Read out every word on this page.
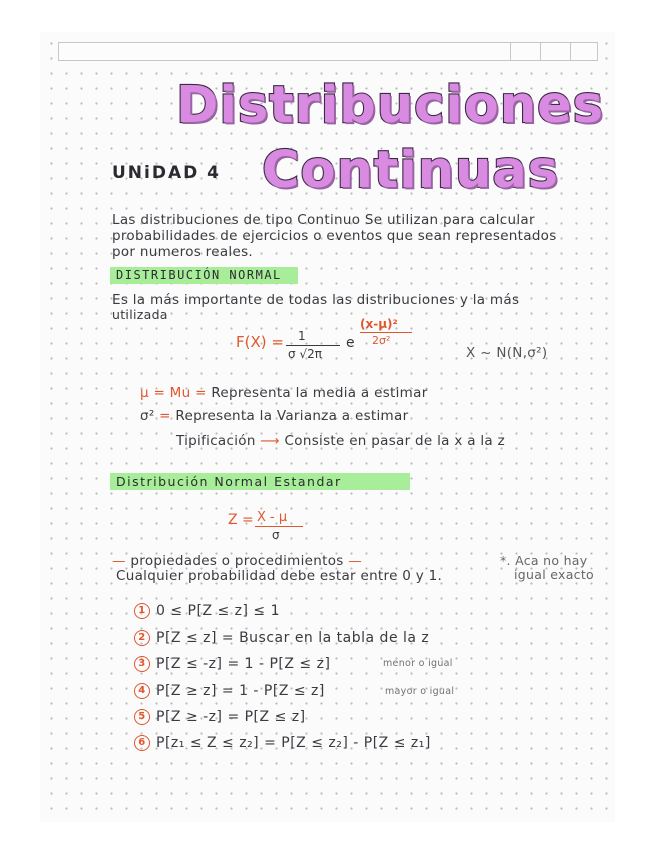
Distribuciones
Continuas
UNiDAD 4
Las distribuciones de tipo Continuo Se utilizan para calcular
probabilidades de ejercicios o eventos que sean representados
por numeros reales.
DISTRIBUCIÓN NORMAL
Es la más importante de todas las distribuciones y la más
utilizada
F(X) = 1
σ √2π
e
(x-μ)²
2σ²
X ~ N(N,σ²)
μ = Mu = Representa la media a estimar
σ² = Representa la Varianza a estimar
Tipificación ⟶ Consiste en pasar de la x a la z
Distribución Normal Estandar
Z = X - μ
σ
— propiedades o procedimientos —	*. Aca no hay
igual exacto
Cualquier probabilidad debe estar entre 0 y 1.
1 0 ≤ P[Z ≤ z] ≤ 1
2 P[Z ≤ z] = Buscar en la tabla de la z
3 P[Z ≤ -z] = 1 - P[Z ≤ z]	menor o igual
4 P[Z ≥ z] = 1 - P[Z ≤ z]	mayor o igual
5 P[Z ≥ -z] = P[Z ≤ z]
6 P[z₁ ≤ Z ≤ z₂] = P[Z ≤ z₂] - P[Z ≤ z₁]
